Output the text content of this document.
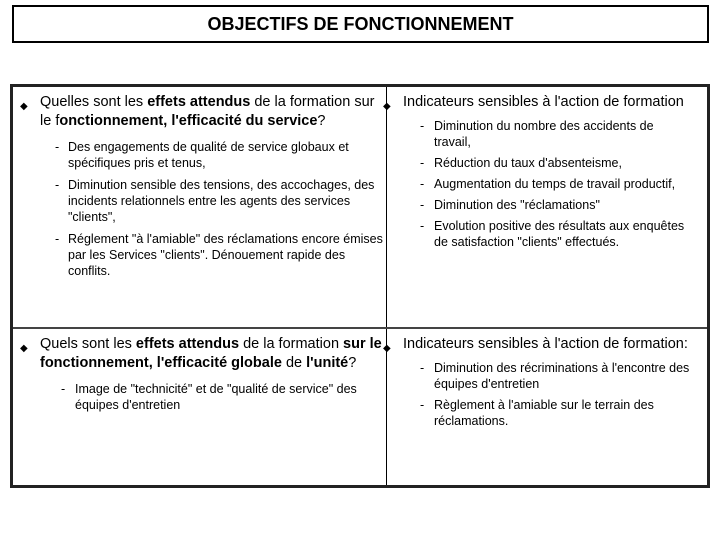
OBJECTIFS DE FONCTIONNEMENT
◆ Quelles sont les effets attendus de la formation sur le fonctionnement, l'efficacité du service?
- Des engagements de qualité de service globaux et spécifiques pris et tenus,
- Diminution sensible des tensions, des accochages, des incidents relationnels entre les agents des services "clients",
- Réglement "à l'amiable" des réclamations encore émises par les Services "clients". Dénouement rapide des conflits.
◆ Indicateurs sensibles à l'action de formation
- Diminution du nombre des accidents de travail,
- Réduction du taux d'absenteisme,
- Augmentation du temps de travail productif,
- Diminution des "réclamations"
- Evolution positive des résultats aux enquêtes de satisfaction "clients" effectués.
◆ Quels sont les effets attendus de la formation sur le fonctionnement, l'efficacité globale de l'unité?
- Image de "technicité" et de "qualité de service" des équipes d'entretien
◆ Indicateurs sensibles à l'action de formation:
- Diminution des récriminations à l'encontre des équipes d'entretien
- Règlement à l'amiable sur le terrain des réclamations.
